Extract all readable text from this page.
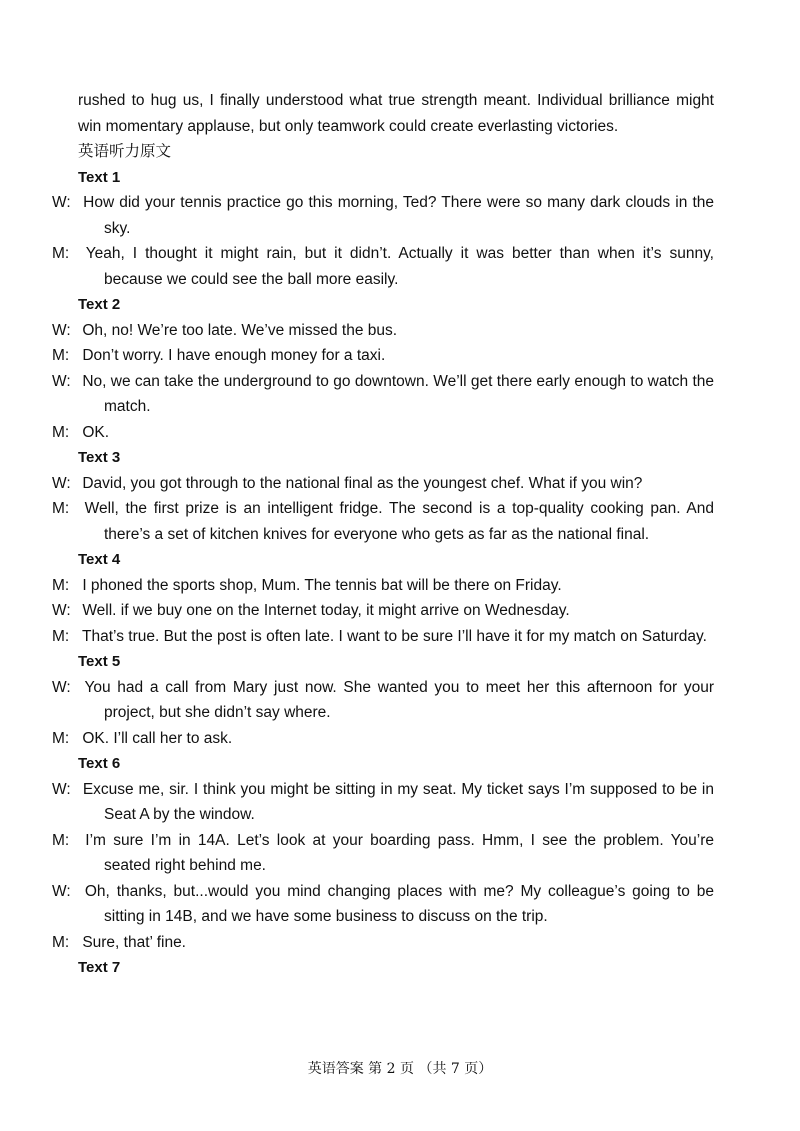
rushed to hug us, I finally understood what true strength meant. Individual brilliance might win momentary applause, but only teamwork could create everlasting victories.
英语听力原文
Text 1
W: How did your tennis practice go this morning, Ted? There were so many dark clouds in the sky.
M: Yeah, I thought it might rain, but it didn’t. Actually it was better than when it’s sunny, because we could see the ball more easily.
Text 2
W: Oh, no! We’re too late. We’ve missed the bus.
M: Don’t worry. I have enough money for a taxi.
W: No, we can take the underground to go downtown. We’ll get there early enough to watch the match.
M: OK.
Text 3
W: David, you got through to the national final as the youngest chef. What if you win?
M: Well, the first prize is an intelligent fridge. The second is a top-quality cooking pan. And there’s a set of kitchen knives for everyone who gets as far as the national final.
Text 4
M: I phoned the sports shop, Mum. The tennis bat will be there on Friday.
W: Well. if we buy one on the Internet today, it might arrive on Wednesday.
M: That’s true. But the post is often late. I want to be sure I’ll have it for my match on Saturday.
Text 5
W: You had a call from Mary just now. She wanted you to meet her this afternoon for your project, but she didn’t say where.
M: OK. I’ll call her to ask.
Text 6
W: Excuse me, sir. I think you might be sitting in my seat. My ticket says I’m supposed to be in Seat A by the window.
M: I’m sure I’m in 14A. Let’s look at your boarding pass. Hmm, I see the problem. You’re seated right behind me.
W: Oh, thanks, but...would you mind changing places with me? My colleague’s going to be sitting in 14B, and we have some business to discuss on the trip.
M: Sure, that’ fine.
Text 7
英语答案 第 2 页 （共 7 页）
